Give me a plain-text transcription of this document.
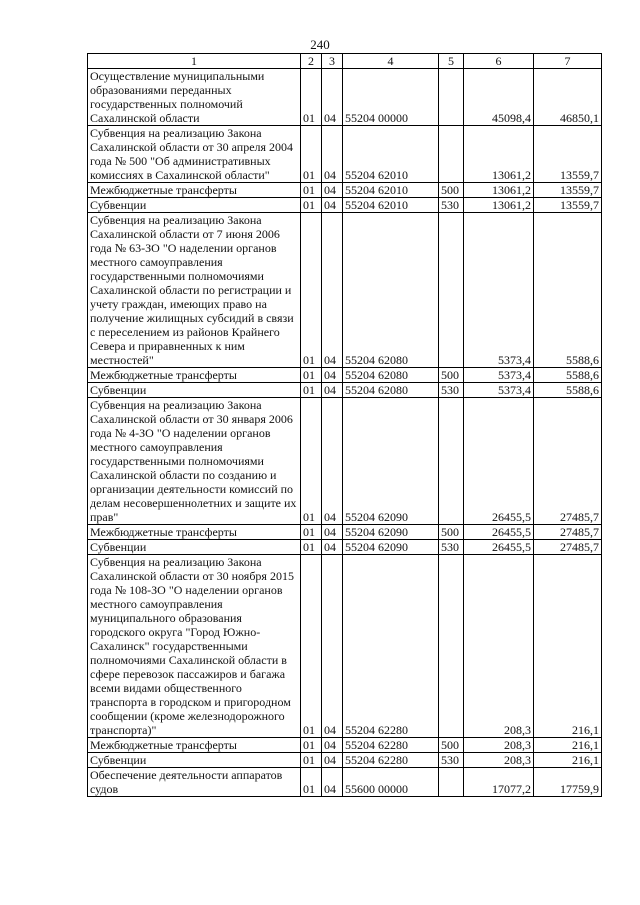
240
1	2	3	4	5	6	7
Осуществление муниципальными образованиями переданных государственных полномочий Сахалинской области	01	04	55204 00000		45098,4	46850,1
Субвенция на реализацию Закона Сахалинской области от 30 апреля 2004 года № 500 "Об административных комиссиях в Сахалинской области"	01	04	55204 62010		13061,2	13559,7
Межбюджетные трансферты	01	04	55204 62010	500	13061,2	13559,7
Субвенции	01	04	55204 62010	530	13061,2	13559,7
Субвенция на реализацию Закона Сахалинской области от 7 июня 2006 года № 63-ЗО "О наделении органов местного самоуправления государственными полномочиями Сахалинской области по регистрации и учету граждан, имеющих право на получение жилищных субсидий в связи с переселением из районов Крайнего Севера и приравненных к ним местностей"	01	04	55204 62080		5373,4	5588,6
Межбюджетные трансферты	01	04	55204 62080	500	5373,4	5588,6
Субвенции	01	04	55204 62080	530	5373,4	5588,6
Субвенция на реализацию Закона Сахалинской области от 30 января 2006 года № 4-ЗО "О наделении органов местного самоуправления государственными полномочиями Сахалинской области по созданию и организации деятельности комиссий по делам несовершеннолетних и защите их прав"	01	04	55204 62090		26455,5	27485,7
Межбюджетные трансферты	01	04	55204 62090	500	26455,5	27485,7
Субвенции	01	04	55204 62090	530	26455,5	27485,7
Субвенция на реализацию Закона Сахалинской области от 30 ноября 2015 года № 108-ЗО "О наделении органов местного самоуправления муниципального образования городского округа "Город Южно-Сахалинск" государственными полномочиями Сахалинской области в сфере перевозок пассажиров и багажа всеми видами общественного транспорта в городском и пригородном сообщении (кроме железнодорожного транспорта)"	01	04	55204 62280		208,3	216,1
Межбюджетные трансферты	01	04	55204 62280	500	208,3	216,1
Субвенции	01	04	55204 62280	530	208,3	216,1
Обеспечение деятельности аппаратов судов	01	04	55600 00000		17077,2	17759,9
